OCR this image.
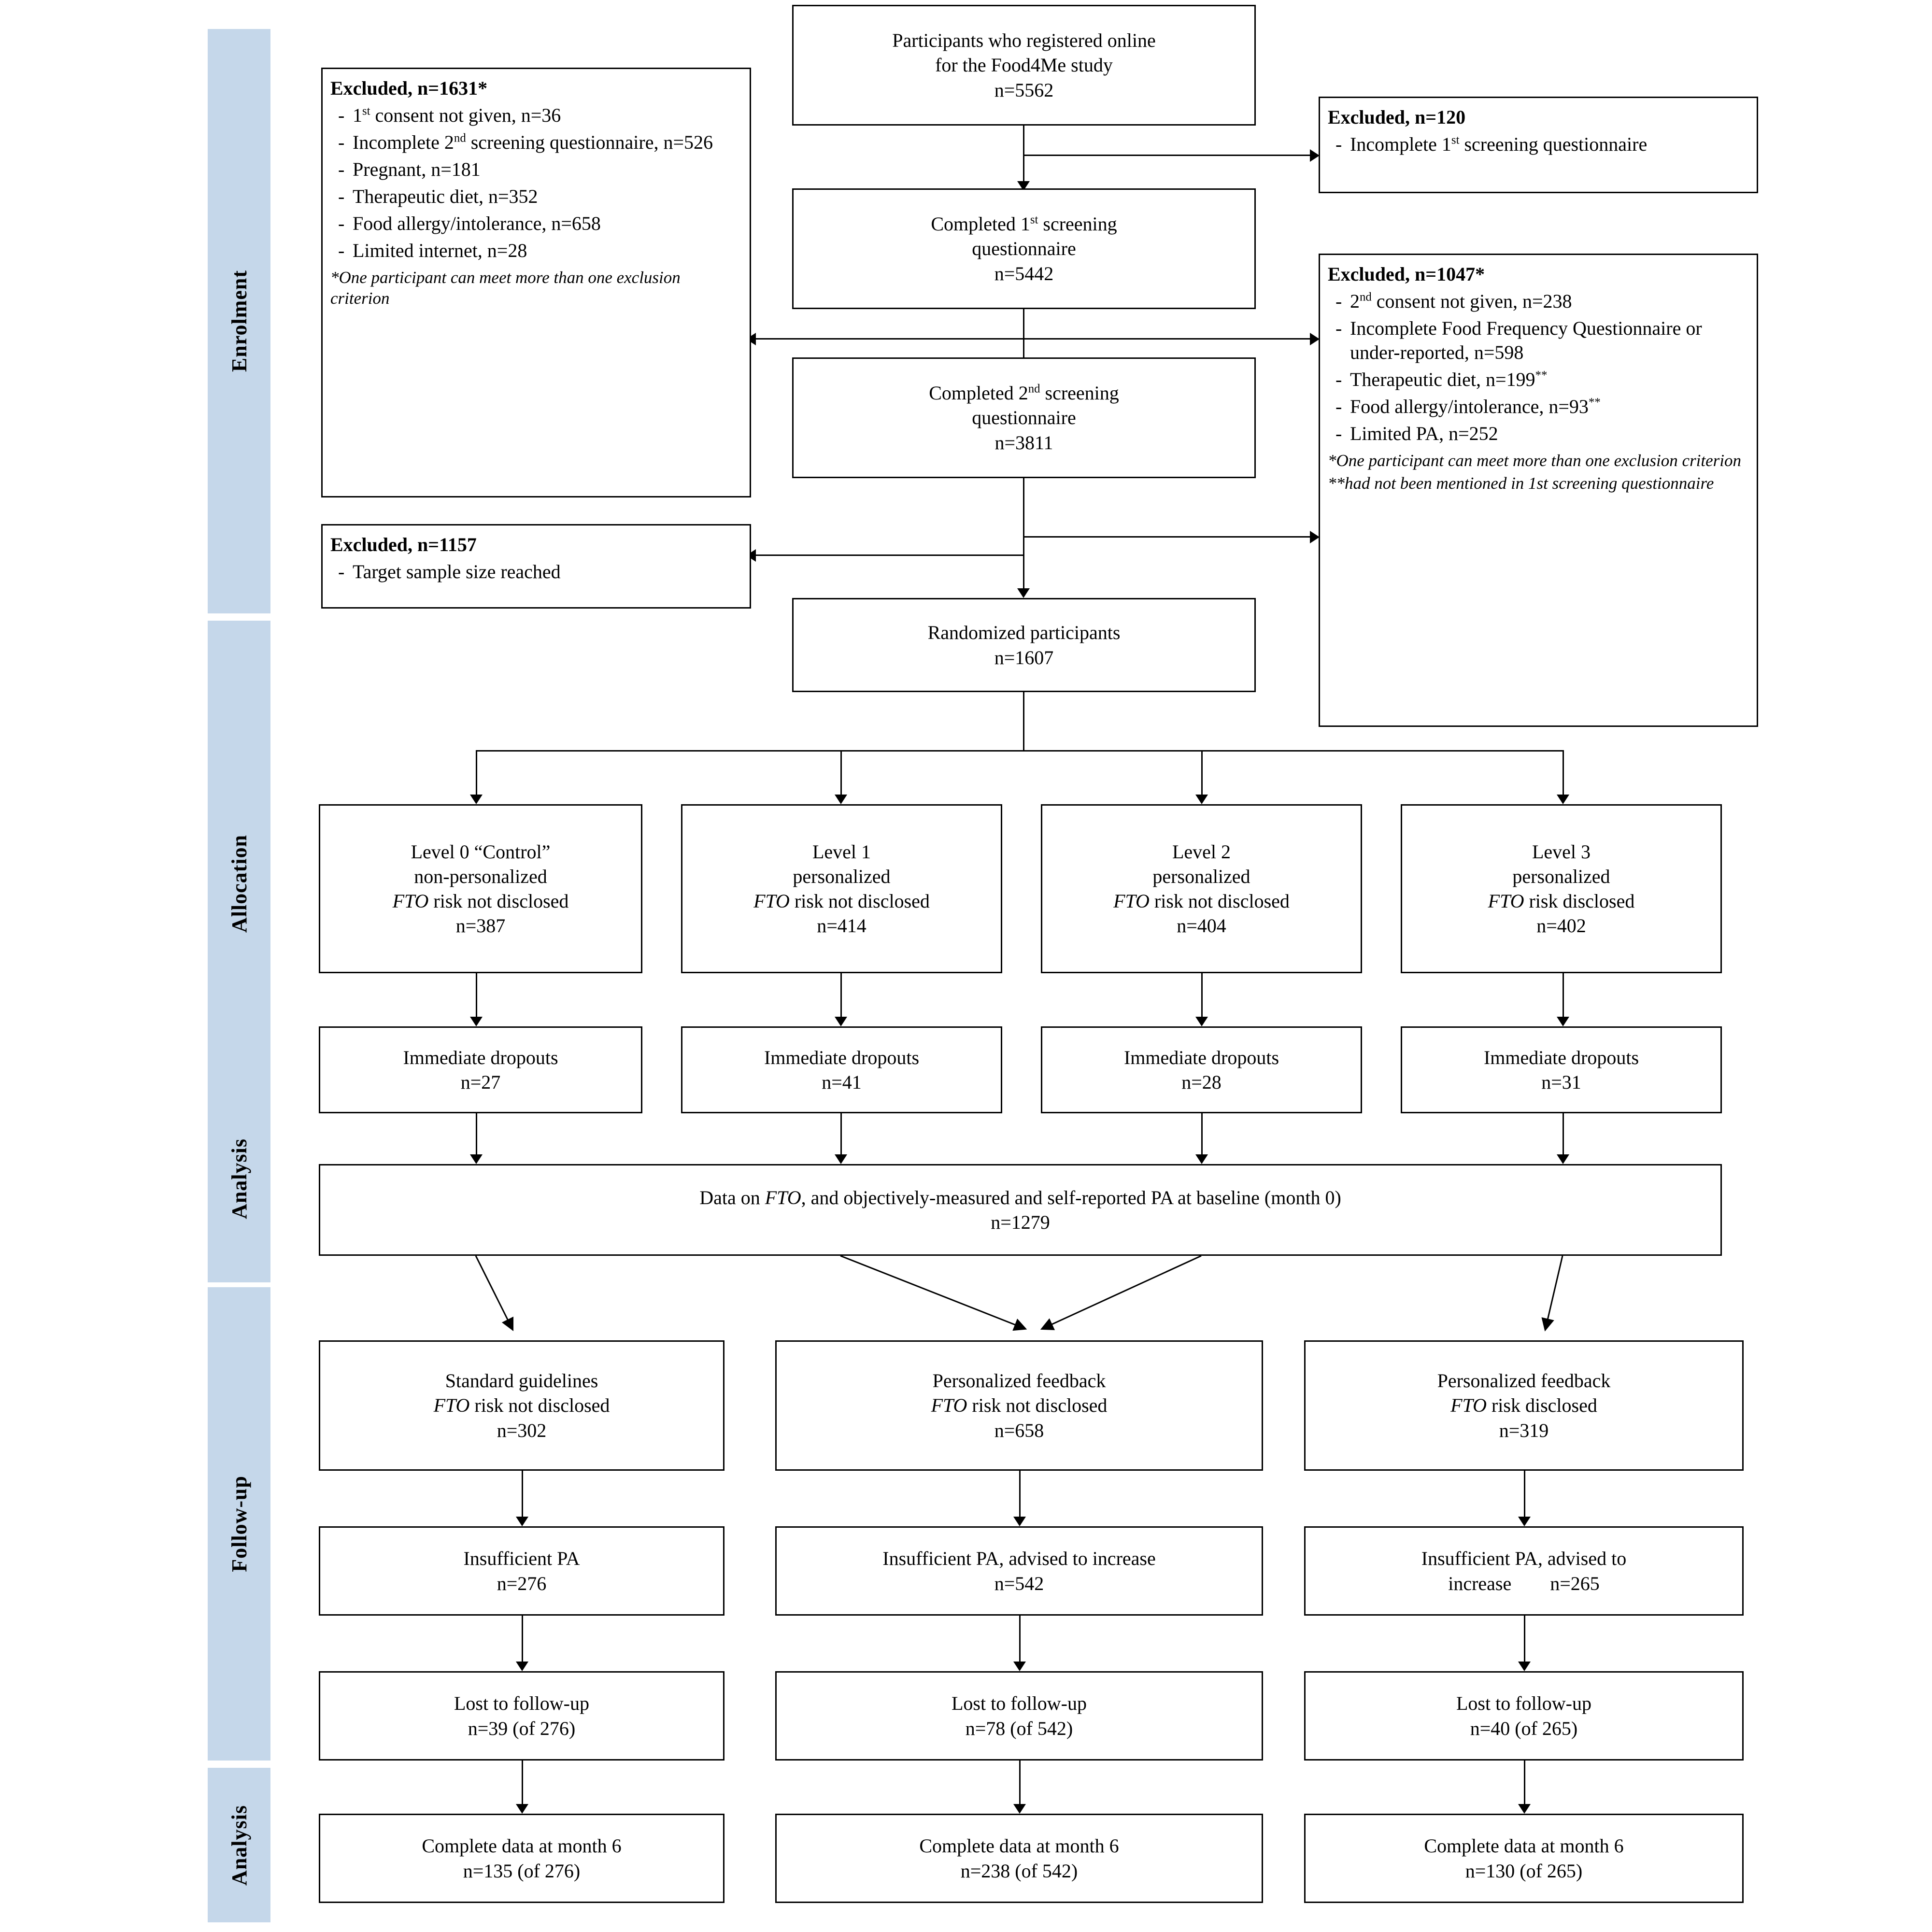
Enrolment
Allocation
Analysis
Follow-up
Analysis
Participants who registered online
for the Food4Me study
n=5562
Completed 1st screening
questionnaire
n=5442
Completed 2nd screening
questionnaire
n=3811
Randomized participants
n=1607
Excluded, n=1631*
- 1st consent not given, n=36
- Incomplete 2nd screening questionnaire, n=526
- Pregnant, n=181
- Therapeutic diet, n=352
- Food allergy/intolerance, n=658
- Limited internet, n=28
*One participant can meet more than one exclusion criterion
Excluded, n=1157
- Target sample size reached
Excluded, n=120
- Incomplete 1st screening questionnaire
Excluded, n=1047*
- 2nd consent not given, n=238
- Incomplete Food Frequency Questionnaire or under-reported, n=598
- Therapeutic diet, n=199**
- Food allergy/intolerance, n=93**
- Limited PA, n=252
*One participant can meet more than one exclusion criterion
**had not been mentioned in 1st screening questionnaire
Level 0 “Control”
non-personalized
FTO risk not disclosed
n=387
Level 1
personalized
FTO risk not disclosed
n=414
Level 2
personalized
FTO risk not disclosed
n=404
Level 3
personalized
FTO risk disclosed
n=402
Immediate dropouts
n=27
Immediate dropouts
n=41
Immediate dropouts
n=28
Immediate dropouts
n=31
Data on FTO, and objectively-measured and self-reported PA at baseline (month 0)
n=1279
Standard guidelines
FTO risk not disclosed
n=302
Personalized feedback
FTO risk not disclosed
n=658
Personalized feedback
FTO risk disclosed
n=319
Insufficient PA
n=276
Insufficient PA, advised to increase
n=542
Insufficient PA, advised to
increase n=265
Lost to follow-up
n=39 (of 276)
Lost to follow-up
n=78 (of 542)
Lost to follow-up
n=40 (of 265)
Complete data at month 6
n=135 (of 276)
Complete data at month 6
n=238 (of 542)
Complete data at month 6
n=130 (of 265)
